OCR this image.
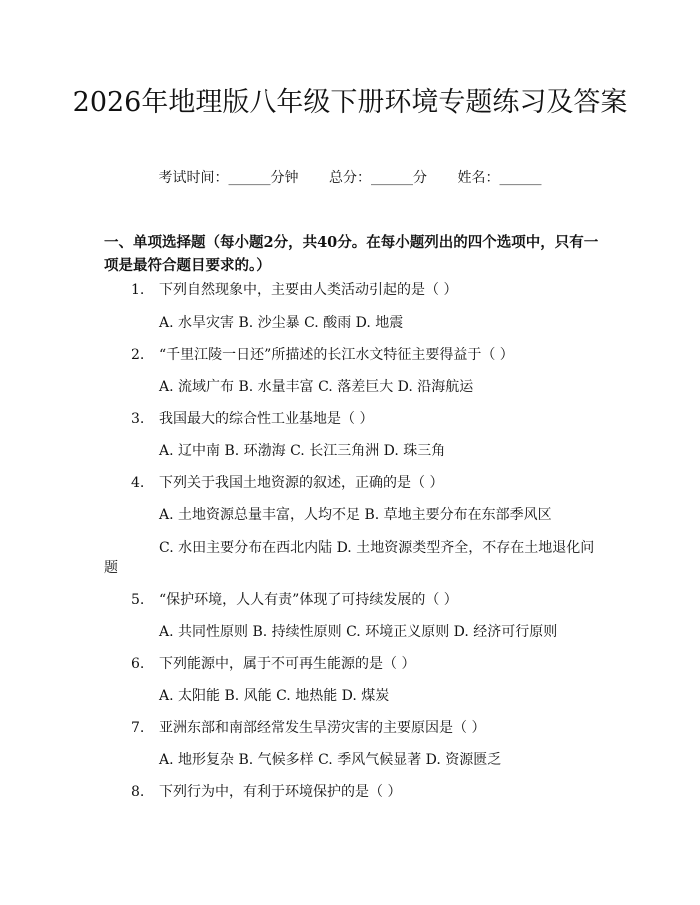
2026年地理版八年级下册环境专题练习及答案
考试时间：______分钟 总分：______分 姓名：______

一、单项选择题（每小题2分，共40分。在每小题列出的四个选项中，只有一项是最符合题目要求的。）

1. 下列自然现象中，主要由人类活动引起的是（ ）
A. 水旱灾害 B. 沙尘暴 C. 酸雨 D. 地震
2. “千里江陵一日还”所描述的长江水文特征主要得益于（ ）
A. 流域广布 B. 水量丰富 C. 落差巨大 D. 沿海航运
3. 我国最大的综合性工业基地是（ ）
A. 辽中南 B. 环渤海 C. 长江三角洲 D. 珠三角
4. 下列关于我国土地资源的叙述，正确的是（ ）
A. 土地资源总量丰富，人均不足 B. 草地主要分布在东部季风区
C. 水田主要分布在西北内陆 D. 土地资源类型齐全，不存在土地退化问
题
5. “保护环境，人人有责”体现了可持续发展的（ ）
A. 共同性原则 B. 持续性原则 C. 环境正义原则 D. 经济可行原则
6. 下列能源中，属于不可再生能源的是（ ）
A. 太阳能 B. 风能 C. 地热能 D. 煤炭
7. 亚洲东部和南部经常发生旱涝灾害的主要原因是（ ）
A. 地形复杂 B. 气候多样 C. 季风气候显著 D. 资源匮乏
8. 下列行为中，有利于环境保护的是（ ）
